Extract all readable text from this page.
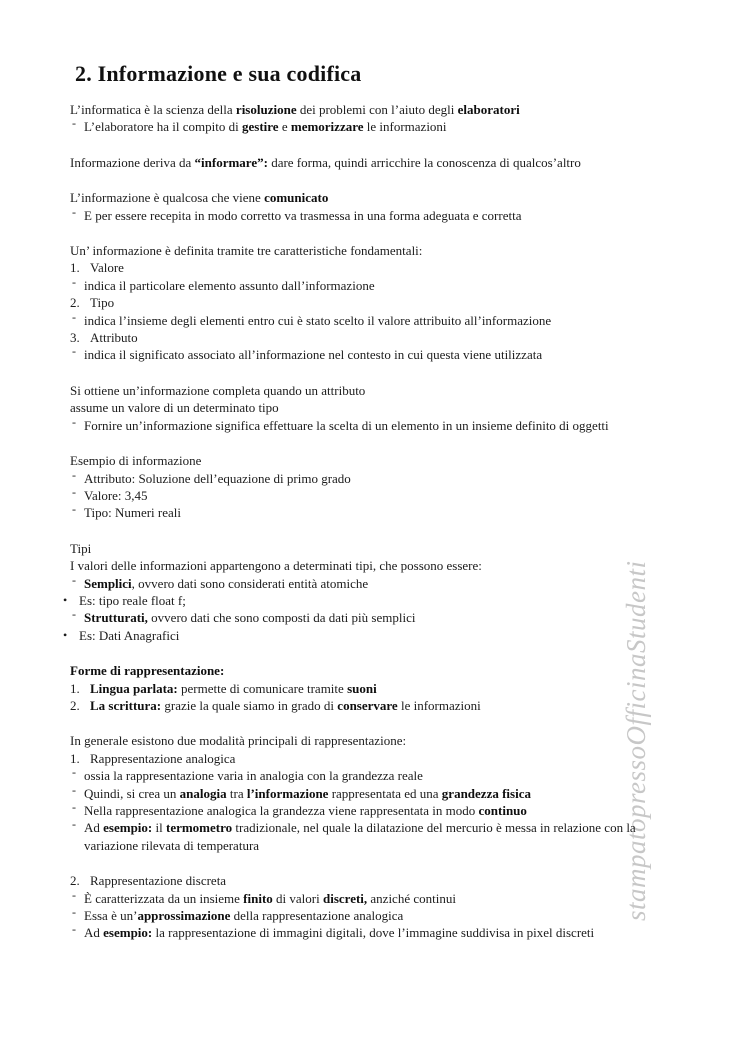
stampatopressoOfficinaStudenti
2. Informazione e sua codifica
L’informatica è la scienza della risoluzione dei problemi con l’aiuto degli elaboratori
- L’elaboratore ha il compito di gestire e memorizzare le informazioni
Informazione deriva da “informare”: dare forma, quindi arricchire la conoscenza di qualcos’altro
L’informazione è qualcosa che viene comunicato
- E per essere recepita in modo corretto va trasmessa in una forma adeguata e corretta
Un’ informazione è definita tramite tre caratteristiche fondamentali:
1. Valore
- indica il particolare elemento assunto dall’informazione
2. Tipo
- indica l’insieme degli elementi entro cui è stato scelto il valore attribuito all’informazione
3. Attributo
- indica il significato associato all’informazione nel contesto in cui questa viene utilizzata
Si ottiene un’informazione completa quando un attributo
assume un valore di un determinato tipo
- Fornire un’informazione significa effettuare la scelta di un elemento in un insieme definito di oggetti
Esempio di informazione
- Attributo: Soluzione dell’equazione di primo grado
- Valore: 3,45
- Tipo: Numeri reali
Tipi
I valori delle informazioni appartengono a determinati tipi, che possono essere:
- Semplici, ovvero dati sono considerati entità atomiche
• Es: tipo reale float f;
- Strutturati, ovvero dati che sono composti da dati più semplici
• Es: Dati Anagrafici
Forme di rappresentazione:
1. Lingua parlata: permette di comunicare tramite suoni
2. La scrittura: grazie la quale siamo in grado di conservare le informazioni
In generale esistono due modalità principali di rappresentazione:
1. Rappresentazione analogica
- ossia la rappresentazione varia in analogia con la grandezza reale
- Quindi, si crea un analogia tra l’informazione rappresentata ed una grandezza fisica
- Nella rappresentazione analogica la grandezza viene rappresentata in modo continuo
- Ad esempio: il termometro tradizionale, nel quale la dilatazione del mercurio è messa in relazione con la
variazione rilevata di temperatura
2. Rappresentazione discreta
- È caratterizzata da un insieme finito di valori discreti, anziché continui
- Essa è un’approssimazione della rappresentazione analogica
- Ad esempio: la rappresentazione di immagini digitali, dove l’immagine suddivisa in pixel discreti
